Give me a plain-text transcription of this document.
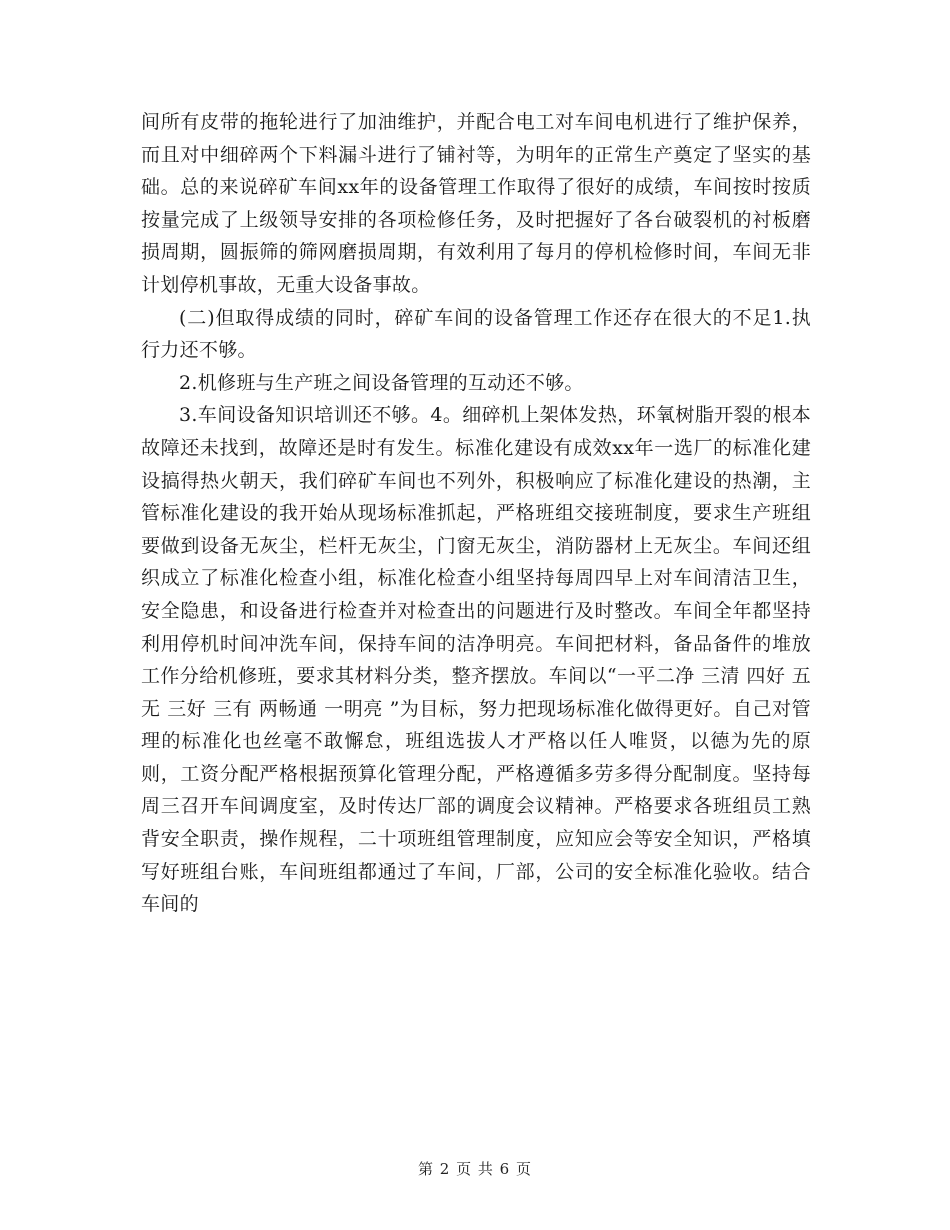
间所有皮带的拖轮进行了加油维护，并配合电工对车间电机进行了维护保养，而且对中细碎两个下料漏斗进行了铺衬等，为明年的正常生产奠定了坚实的基础。总的来说碎矿车间xx年的设备管理工作取得了很好的成绩，车间按时按质按量完成了上级领导安排的各项检修任务，及时把握好了各台破裂机的衬板磨损周期，圆振筛的筛网磨损周期，有效利用了每月的停机检修时间，车间无非计划停机事故，无重大设备事故。

(二)但取得成绩的同时，碎矿车间的设备管理工作还存在很大的不足1.执行力还不够。

2.机修班与生产班之间设备管理的互动还不够。

3.车间设备知识培训还不够。4。细碎机上架体发热，环氧树脂开裂的根本故障还未找到，故障还是时有发生。标准化建设有成效xx年一选厂的标准化建设搞得热火朝天，我们碎矿车间也不列外，积极响应了标准化建设的热潮，主管标准化建设的我开始从现场标准抓起，严格班组交接班制度，要求生产班组要做到设备无灰尘，栏杆无灰尘，门窗无灰尘，消防器材上无灰尘。车间还组织成立了标准化检查小组，标准化检查小组坚持每周四早上对车间清洁卫生，安全隐患，和设备进行检查并对检查出的问题进行及时整改。车间全年都坚持利用停机时间冲洗车间，保持车间的洁净明亮。车间把材料，备品备件的堆放工作分给机修班，要求其材料分类，整齐摆放。车间以“一平二净 三清 四好 五无 三好 三有 两畅通 一明亮 ”为目标，努力把现场标准化做得更好。自己对管理的标准化也丝毫不敢懈怠，班组选拔人才严格以任人唯贤，以德为先的原则，工资分配严格根据预算化管理分配，严格遵循多劳多得分配制度。坚持每周三召开车间调度室，及时传达厂部的调度会议精神。严格要求各班组员工熟背安全职责，操作规程，二十项班组管理制度，应知应会等安全知识，严格填写好班组台账，车间班组都通过了车间，厂部，公司的安全标准化验收。结合车间的

第 2 页 共 6 页
